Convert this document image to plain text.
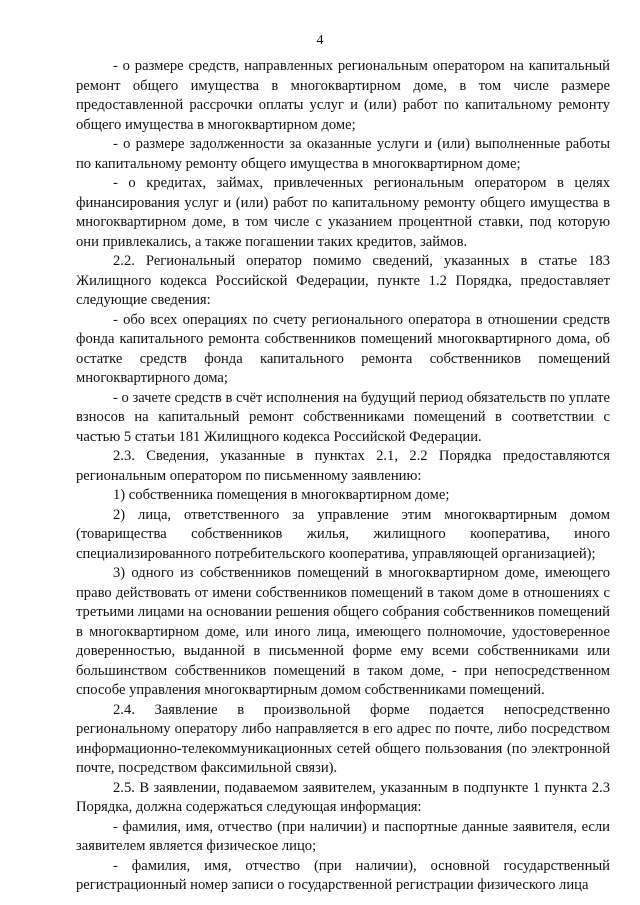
4

- о размере средств, направленных региональным оператором на капитальный ремонт общего имущества в многоквартирном доме, в том числе размере предоставленной рассрочки оплаты услуг и (или) работ по капитальному ремонту общего имущества в многоквартирном доме;

- о размере задолженности за оказанные услуги и (или) выполненные работы по капитальному ремонту общего имущества в многоквартирном доме;

- о кредитах, займах, привлеченных региональным оператором в целях финансирования услуг и (или) работ по капитальному ремонту общего имущества в многоквартирном доме, в том числе с указанием процентной ставки, под которую они привлекались, а также погашении таких кредитов, займов.

2.2. Региональный оператор помимо сведений, указанных в статье 183 Жилищного кодекса Российской Федерации, пункте 1.2 Порядка, предоставляет следующие сведения:

- обо всех операциях по счету регионального оператора в отношении средств фонда капитального ремонта собственников помещений многоквартирного дома, об остатке средств фонда капитального ремонта собственников помещений многоквартирного дома;

- о зачете средств в счёт исполнения на будущий период обязательств по уплате взносов на капитальный ремонт собственниками помещений в соответствии с частью 5 статьи 181 Жилищного кодекса Российской Федерации.

2.3. Сведения, указанные в пунктах 2.1, 2.2 Порядка предоставляются региональным оператором по письменному заявлению:

1) собственника помещения в многоквартирном доме;

2) лица, ответственного за управление этим многоквартирным домом (товарищества собственников жилья, жилищного кооператива, иного специализированного потребительского кооператива, управляющей организацией);

3) одного из собственников помещений в многоквартирном доме, имеющего право действовать от имени собственников помещений в таком доме в отношениях с третьими лицами на основании решения общего собрания собственников помещений в многоквартирном доме, или иного лица, имеющего полномочие, удостоверенное доверенностью, выданной в письменной форме ему всеми собственниками или большинством собственников помещений в таком доме, - при непосредственном способе управления многоквартирным домом собственниками помещений.

2.4. Заявление в произвольной форме подается непосредственно региональному оператору либо направляется в его адрес по почте, либо посредством информационно-телекоммуникационных сетей общего пользования (по электронной почте, посредством факсимильной связи).

2.5. В заявлении, подаваемом заявителем, указанным в подпункте 1 пункта 2.3 Порядка, должна содержаться следующая информация:

- фамилия, имя, отчество (при наличии) и паспортные данные заявителя, если заявителем является физическое лицо;

- фамилия, имя, отчество (при наличии), основной государственный регистрационный номер записи о государственной регистрации физического лица
